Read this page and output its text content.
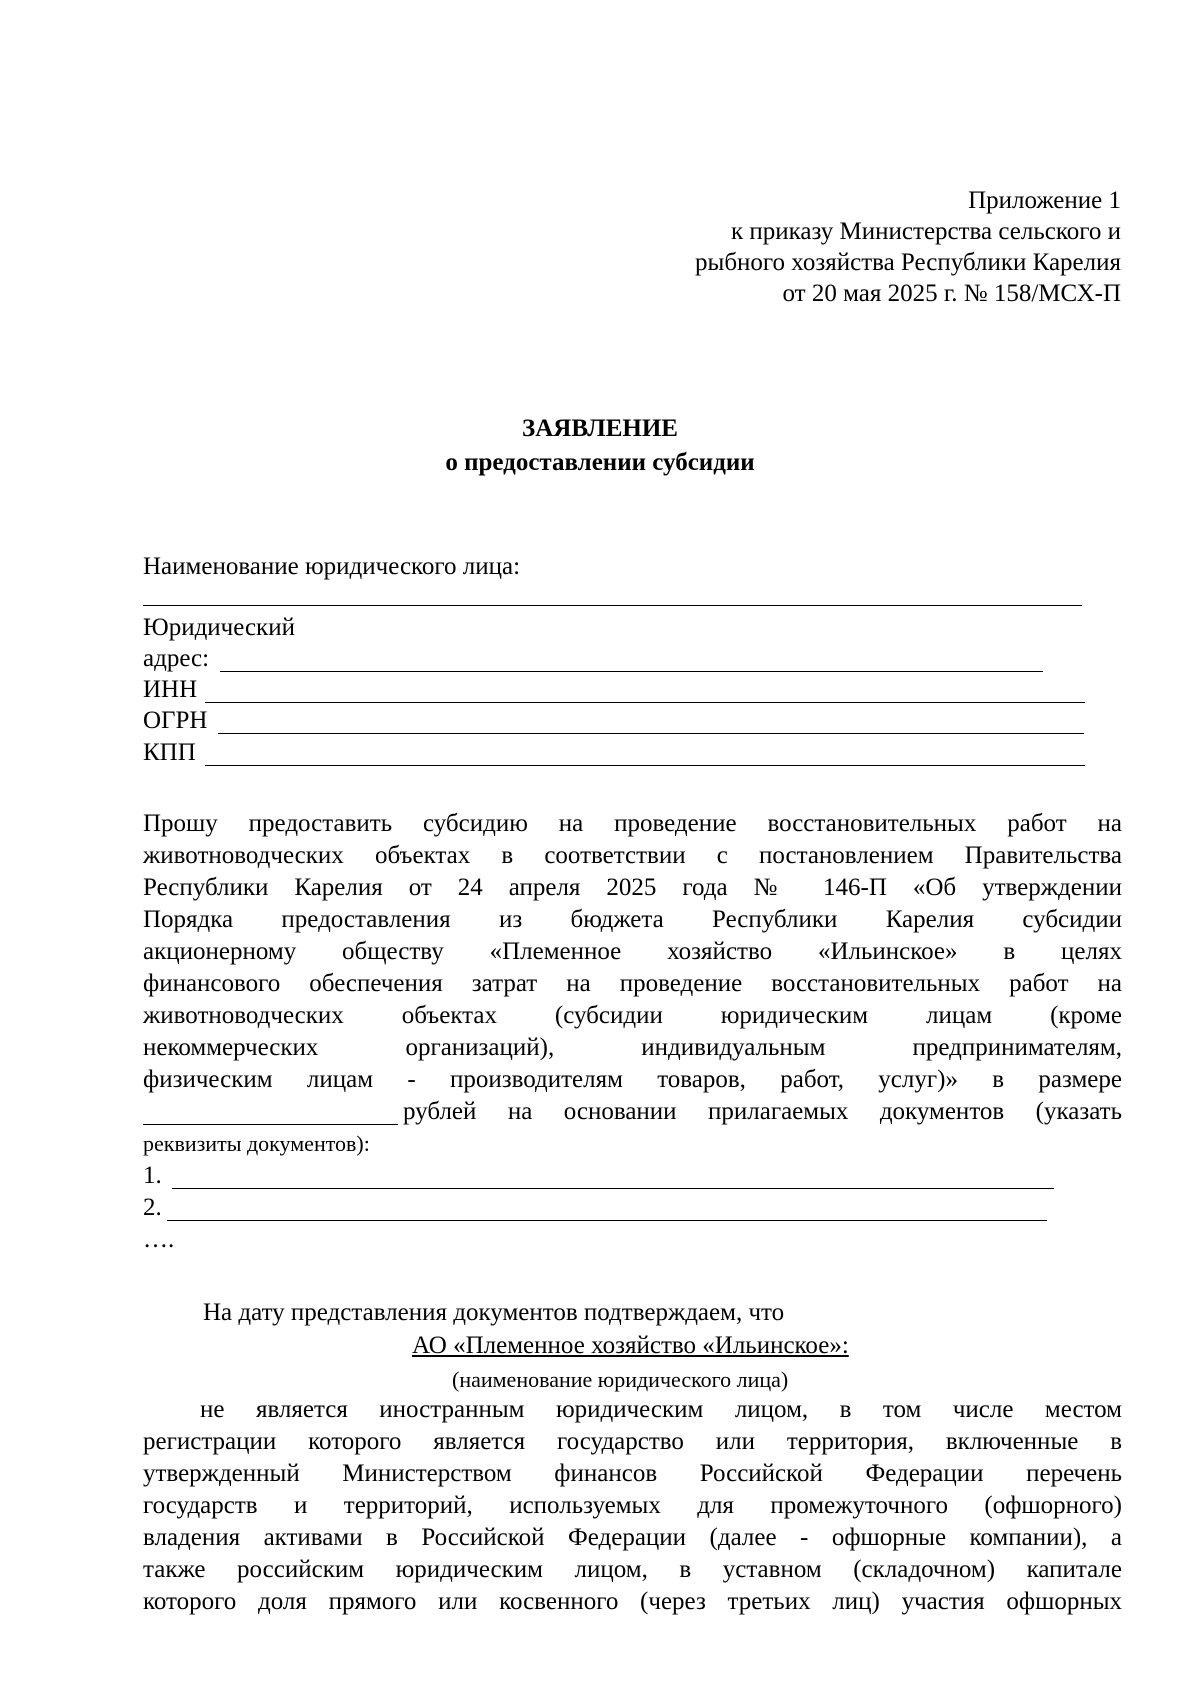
Приложение 1
к приказу Министерства сельского и
рыбного хозяйства Республики Карелия
от 20 мая 2025 г. № 158/МСХ-П
ЗАЯВЛЕНИЕ
о предоставлении субсидии
Наименование юридического лица:
Юридический
адрес:
ИНН
ОГРН
КПП
Прошу предоставить субсидию на проведение восстановительных работ на
животноводческих объектах в соответствии с постановлением Правительства
Республики Карелия от 24 апреля 2025 года № 146-П «Об утверждении
Порядка предоставления из бюджета Республики Карелия субсидии
акционерному обществу «Племенное хозяйство «Ильинское» в целях
финансового обеспечения затрат на проведение восстановительных работ на
животноводческих объектах (субсидии юридическим лицам (кроме
некоммерческих организаций), индивидуальным предпринимателям,
физическим лицам - производителям товаров, работ, услуг)» в размере
рублей на основании прилагаемых документов (указать
реквизиты документов):
1.
2.
….
На дату представления документов подтверждаем, что
АО «Племенное хозяйство «Ильинское»:
(наименование юридического лица)
не является иностранным юридическим лицом, в том числе местом
регистрации которого является государство или территория, включенные в
утвержденный Министерством финансов Российской Федерации перечень
государств и территорий, используемых для промежуточного (офшорного)
владения активами в Российской Федерации (далее - офшорные компании), а
также российским юридическим лицом, в уставном (складочном) капитале
которого доля прямого или косвенного (через третьих лиц) участия офшорных
